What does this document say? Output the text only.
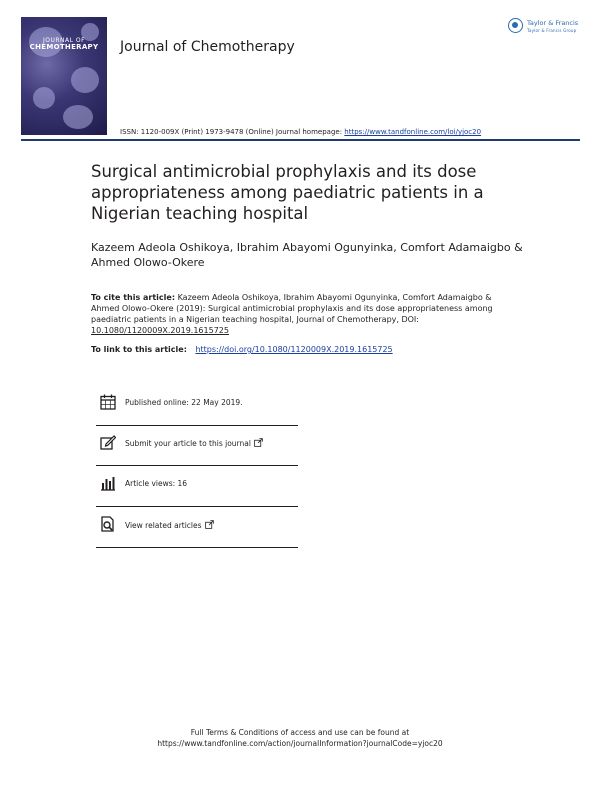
JOURNAL OF
CHEMOTHERAPY	Journal of Chemotherapy
Taylor & Francis
Taylor & Francis Group
ISSN: 1120-009X (Print) 1973-9478 (Online) Journal homepage: https://www.tandfonline.com/loi/yjoc20
Surgical antimicrobial prophylaxis and its dose appropriateness among paediatric patients in a Nigerian teaching hospital
Kazeem Adeola Oshikoya, Ibrahim Abayomi Ogunyinka, Comfort Adamaigbo & Ahmed Olowo-Okere
To cite this article: Kazeem Adeola Oshikoya, Ibrahim Abayomi Ogunyinka, Comfort Adamaigbo & Ahmed Olowo-Okere (2019): Surgical antimicrobial prophylaxis and its dose appropriateness among paediatric patients in a Nigerian teaching hospital, Journal of Chemotherapy, DOI: 10.1080/1120009X.2019.1615725
To link to this article: https://doi.org/10.1080/1120009X.2019.1615725
Published online: 22 May 2019.
Submit your article to this journal
Article views: 16
View related articles
Full Terms & Conditions of access and use can be found at
https://www.tandfonline.com/action/journalInformation?journalCode=yjoc20
